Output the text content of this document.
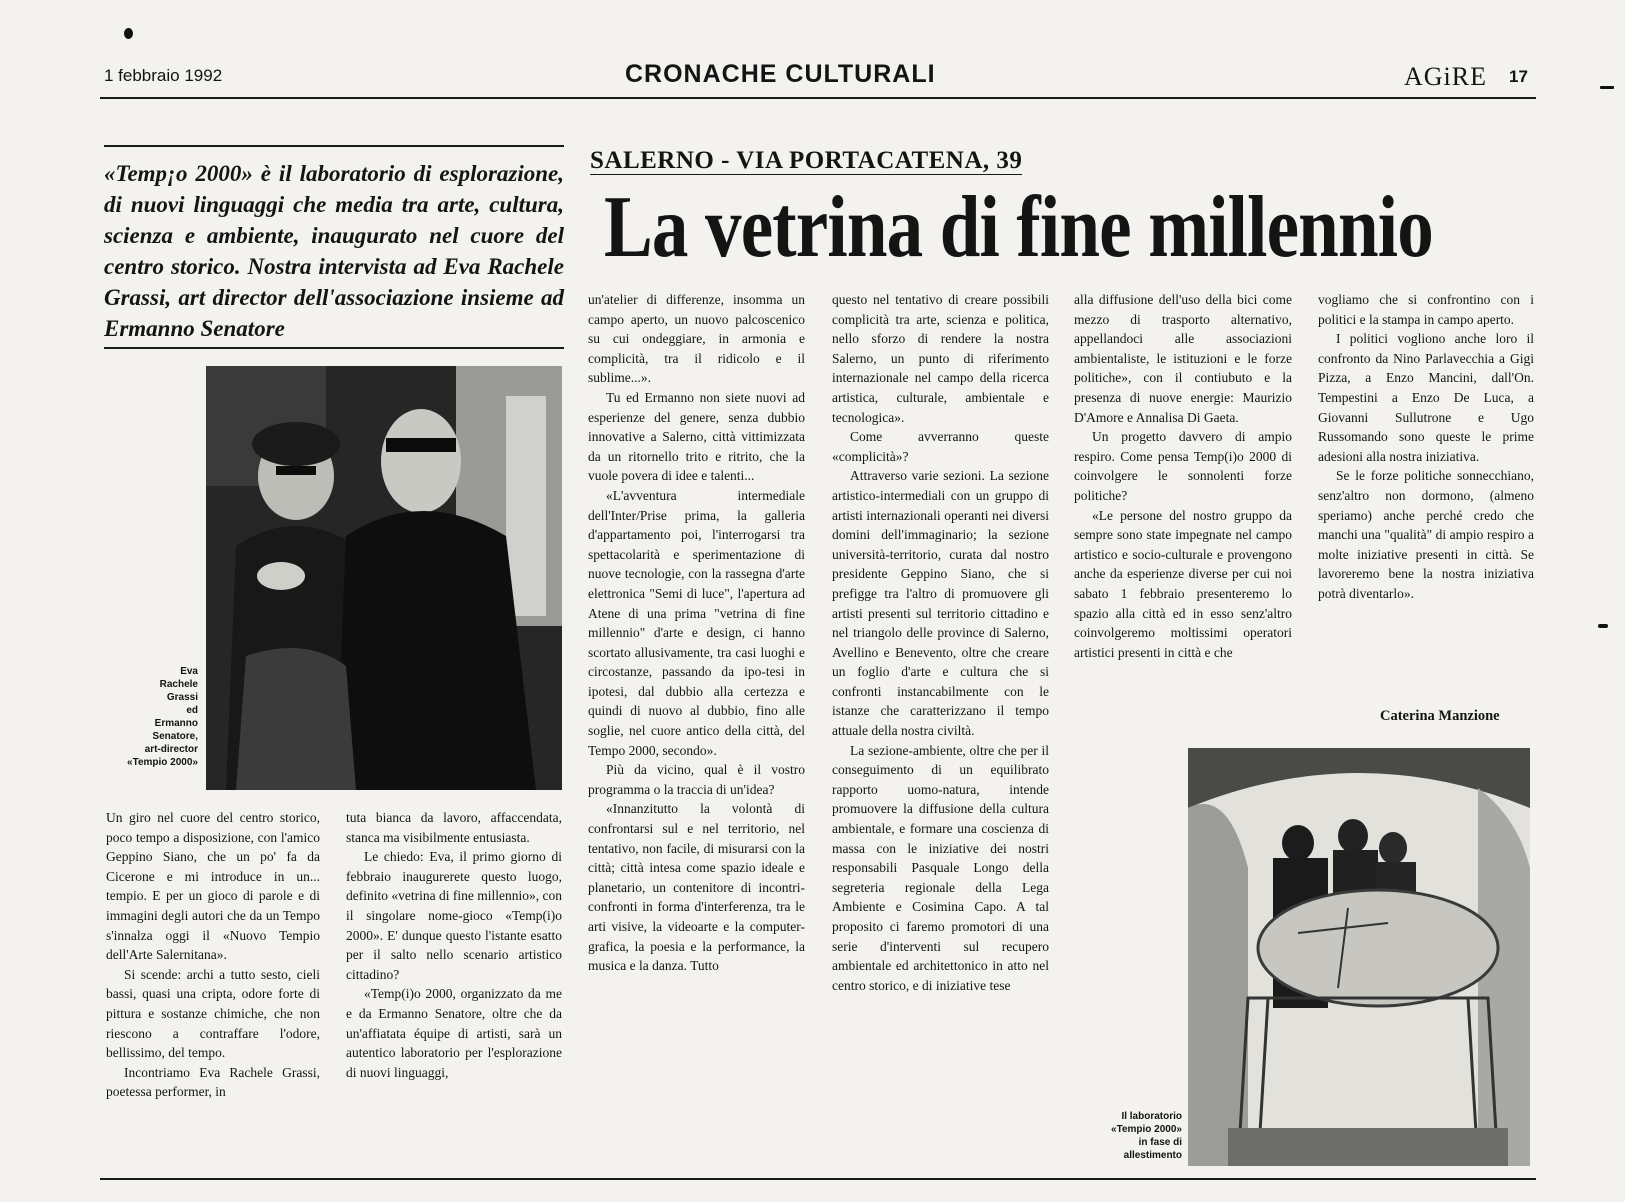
1 febbraio 1992	CRONACHE CULTURALI	AGiRE 17
«Temp¡o 2000» è il laboratorio di esplorazione, di nuovi linguaggi che media tra arte, cultura, scienza e ambiente, inaugurato nel cuore del centro storico. Nostra intervista ad Eva Rachele Grassi, art director dell'associazione insieme ad Ermanno Senatore
SALERNO - VIA PORTACATENA, 39
La vetrina di fine millennio
Eva
Rachele
Grassi
ed
Ermanno
Senatore,
art-director
«Tempio 2000»
Il laboratorio
«Tempio 2000»
in fase di
allestimento

Un giro nel cuore del centro storico, poco tempo a disposizione, con l'amico Geppino Siano, che un po' fa da Cicerone e mi introduce in un... tempio. E per un gioco di parole e di immagini degli autori che da un Tempo s'innalza oggi il «Nuovo Tempio dell'Arte Salernitana».

Si scende: archi a tutto sesto, cieli bassi, quasi una cripta, odore forte di pittura e sostanze chimiche, che non riescono a contraffare l'odore, bellissimo, del tempo.

Incontriamo Eva Rachele Grassi, poetessa performer, in

tuta bianca da lavoro, affaccendata, stanca ma visibilmente entusiasta.

Le chiedo: Eva, il primo giorno di febbraio inaugurerete questo luogo, definito «vetrina di fine millennio», con il singolare nome-gioco «Temp(i)o 2000». E' dunque questo l'istante esatto per il salto nello scenario artistico cittadino?

«Temp(i)o 2000, organizzato da me e da Ermanno Senatore, oltre che da un'affiatata équipe di artisti, sarà un autentico laboratorio per l'esplorazione di nuovi linguaggi,

un'atelier di differenze, insomma un campo aperto, un nuovo palcoscenico su cui ondeggiare, in armonia e complicità, tra il ridicolo e il sublime...».

Tu ed Ermanno non siete nuovi ad esperienze del genere, senza dubbio innovative a Salerno, città vittimizzata da un ritornello trito e ritrito, che la vuole povera di idee e talenti...

«L'avventura intermediale dell'Inter/Prise prima, la galleria d'appartamento poi, l'interrogarsi tra spettacolarità e sperimentazione di nuove tecnologie, con la rassegna d'arte elettronica "Semi di luce", l'apertura ad Atene di una prima "vetrina di fine millennio" d'arte e design, ci hanno scortato allusivamente, tra casi luoghi e circostanze, passando da ipo-tesi in ipotesi, dal dubbio alla certezza e quindi di nuovo al dubbio, fino alle soglie, nel cuore antico della città, del Tempo 2000, secondo».

Più da vicino, qual è il vostro programma o la traccia di un'idea?

«Innanzitutto la volontà di confrontarsi sul e nel territorio, nel tentativo, non facile, di misurarsi con la città; città intesa come spazio ideale e planetario, un contenitore di incontri-confronti in forma d'interferenza, tra le arti visive, la videoarte e la computer-grafica, la poesia e la performance, la musica e la danza. Tutto

questo nel tentativo di creare possibili complicità tra arte, scienza e politica, nello sforzo di rendere la nostra Salerno, un punto di riferimento internazionale nel campo della ricerca artistica, culturale, ambientale e tecnologica».

Come avverranno queste «complicità»?

Attraverso varie sezioni. La sezione artistico-intermediali con un gruppo di artisti internazionali operanti nei diversi domini dell'immaginario; la sezione università-territorio, curata dal nostro presidente Geppino Siano, che si prefigge tra l'altro di promuovere gli artisti presenti sul territorio cittadino e nel triangolo delle province di Salerno, Avellino e Benevento, oltre che creare un foglio d'arte e cultura che si confronti instancabilmente con le istanze che caratterizzano il tempo attuale della nostra civiltà.

La sezione-ambiente, oltre che per il conseguimento di un equilibrato rapporto uomo-natura, intende promuovere la diffusione della cultura ambientale, e formare una coscienza di massa con le iniziative dei nostri responsabili Pasquale Longo della segreteria regionale della Lega Ambiente e Cosimina Capo. A tal proposito ci faremo promotori di una serie d'interventi sul recupero ambientale ed architettonico in atto nel centro storico, e di iniziative tese

alla diffusione dell'uso della bici come mezzo di trasporto alternativo, appellandoci alle associazioni ambientaliste, le istituzioni e le forze politiche», con il contiubuto e la presenza di nuove energie: Maurizio D'Amore e Annalisa Di Gaeta.

Un progetto davvero di ampio respiro. Come pensa Temp(i)o 2000 di coinvolgere le sonnolenti forze politiche?

«Le persone del nostro gruppo da sempre sono state impegnate nel campo artistico e socio-culturale e provengono anche da esperienze diverse per cui noi sabato 1 febbraio presenteremo lo spazio alla città ed in esso senz'altro coinvolgeremo moltissimi operatori artistici presenti in città e che

vogliamo che si confrontino con i politici e la stampa in campo aperto.

I politici vogliono anche loro il confronto da Nino Parlavecchia a Gigi Pizza, a Enzo Mancini, dall'On. Tempestini a Enzo De Luca, a Giovanni Sullutrone e Ugo Russomando sono queste le prime adesioni alla nostra iniziativa.

Se le forze politiche sonnecchiano, senz'altro non dormono, (almeno speriamo) anche perché credo che manchi una "qualità" di ampio respiro a molte iniziative presenti in città. Se lavoreremo bene la nostra iniziativa potrà diventarlo».

Caterina Manzione
